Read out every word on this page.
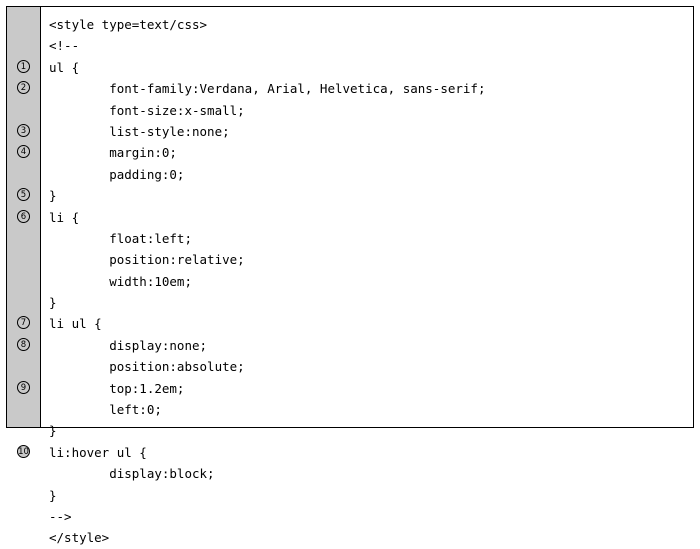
1
2

3
4

5
6

7
8

9

10

<style type=text/css>
<!--
ul {
font-family:Verdana, Arial, Helvetica, sans-serif;
font-size:x-small;
list-style:none;
margin:0;
padding:0;
}
li {
float:left;
position:relative;
width:10em;
}
li ul {
display:none;
position:absolute;
top:1.2em;
left:0;
}
li:hover ul {
display:block;
}
-->
</style>
